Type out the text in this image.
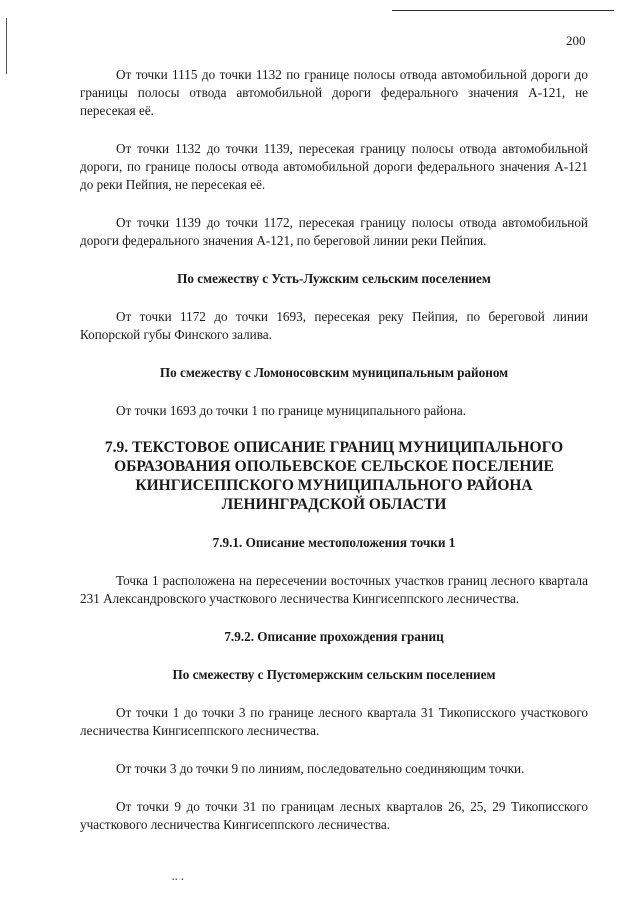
200

От точки 1115 до точки 1132 по границе полосы отвода автомобильной дороги до границы полосы отвода автомобильной дороги федерального значения А-121, не пересекая её.

От точки 1132 до точки 1139, пересекая границу полосы отвода автомобильной дороги, по границе полосы отвода автомобильной дороги федерального значения А-121 до реки Пейпия, не пересекая её.

От точки 1139 до точки 1172, пересекая границу полосы отвода автомобильной дороги федерального значения А-121, по береговой линии реки Пейпия.

По смежеству с Усть-Лужским сельским поселением

От точки 1172 до точки 1693, пересекая реку Пейпия, по береговой линии Копорской губы Финского залива.

По смежеству с Ломоносовским муниципальным районом

От точки 1693 до точки 1 по границе муниципального района.

7.9. ТЕКСТОВОЕ ОПИСАНИЕ ГРАНИЦ МУНИЦИПАЛЬНОГО

ОБРАЗОВАНИЯ ОПОЛЬЕВСКОЕ СЕЛЬСКОЕ ПОСЕЛЕНИЕ

КИНГИСЕППСКОГО МУНИЦИПАЛЬНОГО РАЙОНА

ЛЕНИНГРАДСКОЙ ОБЛАСТИ

7.9.1. Описание местоположения точки 1

Точка 1 расположена на пересечении восточных участков границ лесного квартала 231 Александровского участкового лесничества Кингисеппского лесничества.

7.9.2. Описание прохождения границ

По смежеству с Пустомержским сельским поселением

От точки 1 до точки 3 по границе лесного квартала 31 Тикописского участкового лесничества Кингисеппского лесничества.

От точки 3 до точки 9 по линиям, последовательно соединяющим точки.

От точки 9 до точки 31 по границам лесных кварталов 26, 25, 29 Тикописского участкового лесничества Кингисеппского лесничества.

▪▪·▪
